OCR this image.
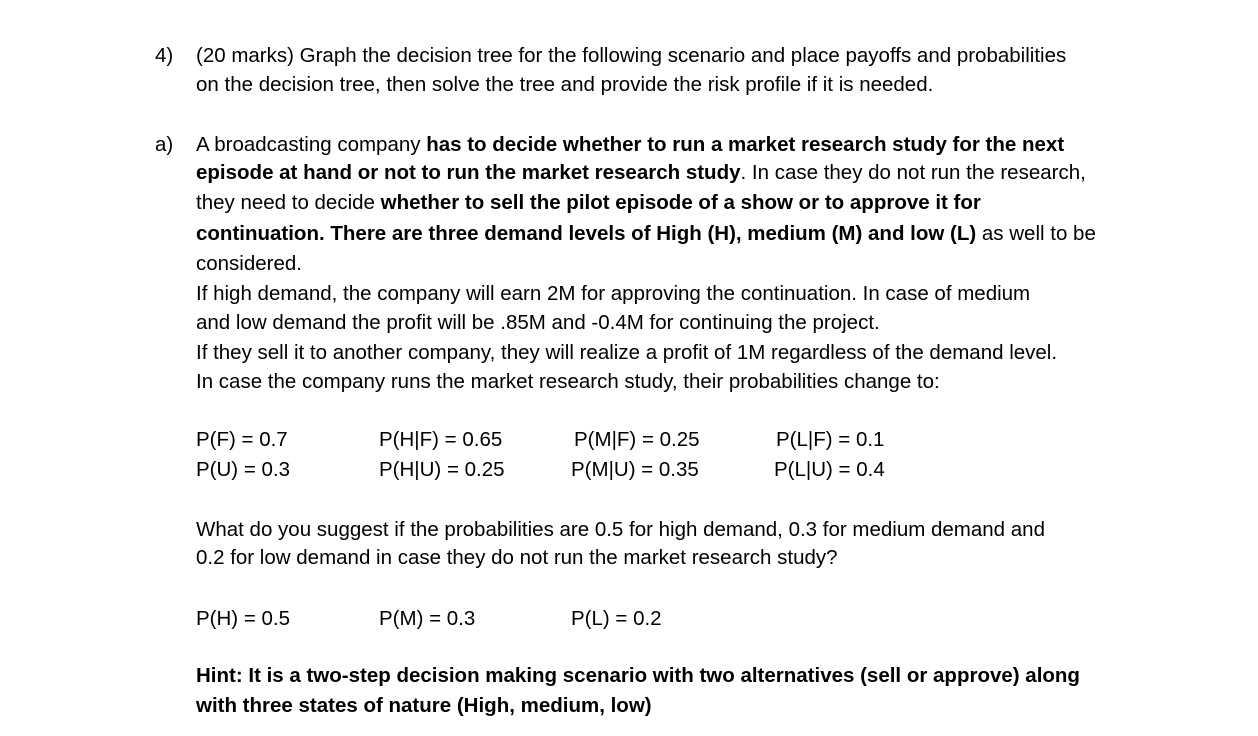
4) (20 marks) Graph the decision tree for the following scenario and place payoffs and probabilities
on the decision tree, then solve the tree and provide the risk profile if it is needed.
a) A broadcasting company has to decide whether to run a market research study for the next
episode at hand or not to run the market research study. In case they do not run the research,
they need to decide whether to sell the pilot episode of a show or to approve it for
continuation. There are three demand levels of High (H), medium (M) and low (L) as well to be
considered.
If high demand, the company will earn 2M for approving the continuation. In case of medium
and low demand the profit will be .85M and -0.4M for continuing the project.
If they sell it to another company, they will realize a profit of 1M regardless of the demand level.
In case the company runs the market research study, their probabilities change to:
P(F) = 0.7
P(U) = 0.3
P(H|F) = 0.65
P(H|U) = 0.25
P(M|F) = 0.25
P(M|U) = 0.35
P(L|F) = 0.1
P(L|U) = 0.4
What do you suggest if the probabilities are 0.5 for high demand, 0.3 for medium demand and
0.2 for low demand in case they do not run the market research study?
P(H) = 0.5	P(M) = 0.3	P(L) = 0.2
Hint: It is a two-step decision making scenario with two alternatives (sell or approve) along
with three states of nature (High, medium, low)
